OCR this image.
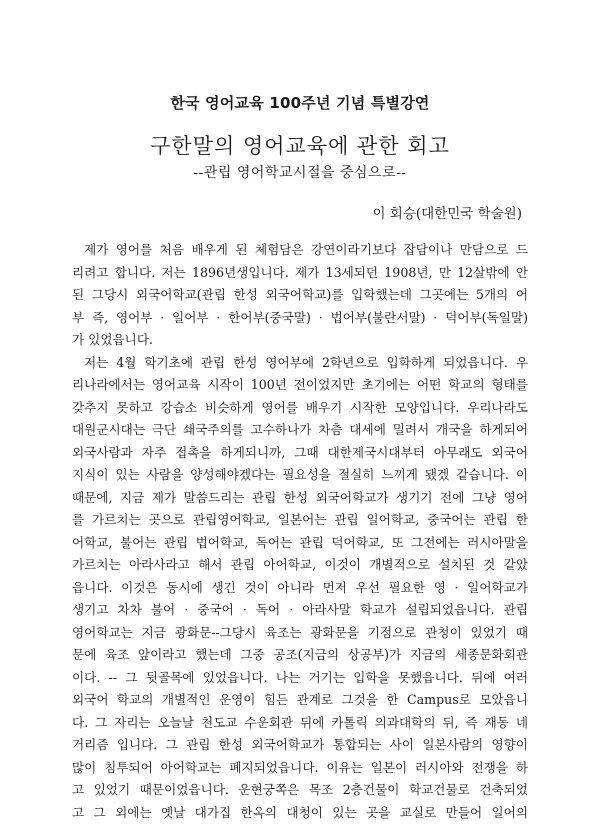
한국 영어교육 100주년 기념 특별강연
구한말의 영어교육에 관한 회고
--관립 영어학교시절을 중심으로--
이 회승(대한민국 학술원)
제가 영어를 처음 배우게 된 체험담은 강연이라기보다 잡담이나 만담으로 드
리려고 합니다. 저는 1896년생입니다. 제가 13세되던 1908년, 만 12살밖에 안
된 그당시 외국어학교(관립 한성 외국어학교)를 입학했는데 그곳에는 5개의 어
부 즉, 영어부 · 일어부 · 한어부(중국말) · 법어부(불란서말) · 덕어부(독일말)
가 있었읍니다.
저는 4월 학기초에 관립 한성 영어부에 2학년으로 입학하게 되었읍니다. 우
리나라에서는 영어교육 시작이 100년 전이었지만 초기에는 어떤 학교의 형태를
갖추지 못하고 강습소 비슷하게 영어를 배우기 시작한 모양입니다. 우리나라도
대원군시대는 극단 쇄국주의를 고수하나가 차츰 대세에 밀려서 개국을 하게되어
외국사람과 자주 접촉을 하게되니까, 그때 대한제국시대부터 아무래도 외국어
지식이 있는 사람을 양성해야겠다는 필요성을 절실히 느끼게 됐겠 같습니다. 이
때문에, 지금 제가 말씀드리는 관립 한성 외국어학교가 생기기 전에 그냥 영어
를 가르치는 곳으로 관립영어학교, 일본어는 관립 일어학교, 중국어는 관립 한
어학교, 불어는 관립 법어학교, 독어는 관립 덕어학교, 또 그전에는 러시아말을
가르치는 아라사라고 해서 관립 아어학교, 이것이 개별적으로 설치된 것 같았
읍니다. 이것은 동시에 생긴 것이 아니라 먼저 우선 필요한 영 · 일어학교가
생기고 차차 불어 · 중국어 · 독어 · 아라사말 학교가 설립되었읍니다. 관립
영어학교는 지금 광화문--그당시 육조는 광화문을 기점으로 관청이 있었기 때
문에 육조 앞이라고 했는데 그중 공조(지금의 상공부)가 지금의 세종문화회관
이다. -- 그 뒷골목에 있었읍니다. 나는 거기는 입학을 못했읍니다. 뒤에 여러
외국어 학교의 개별적인 운영이 힘든 관계로 그것을 한 Campus로 모았읍니
다. 그 자리는 오늘날 천도교 수운회관 뒤에 카톨릭 의과대학의 뒤, 즉 재동 네
거리즘 입니다. 그 관립 한성 외국어학교가 통합되는 사이 일본사람의 영향이
많이 침투되어 아어학교는 폐지되었읍니다. 이유는 일본이 러시아와 전쟁을 하
고 있었기 때문이었읍니다. 운현궁쪽은 목조 2층건물이 학교건물로 건축되었
고 그 외에는 옛날 대가집 한옥의 대청이 있는 곳을 교실로 만들어 일어의
